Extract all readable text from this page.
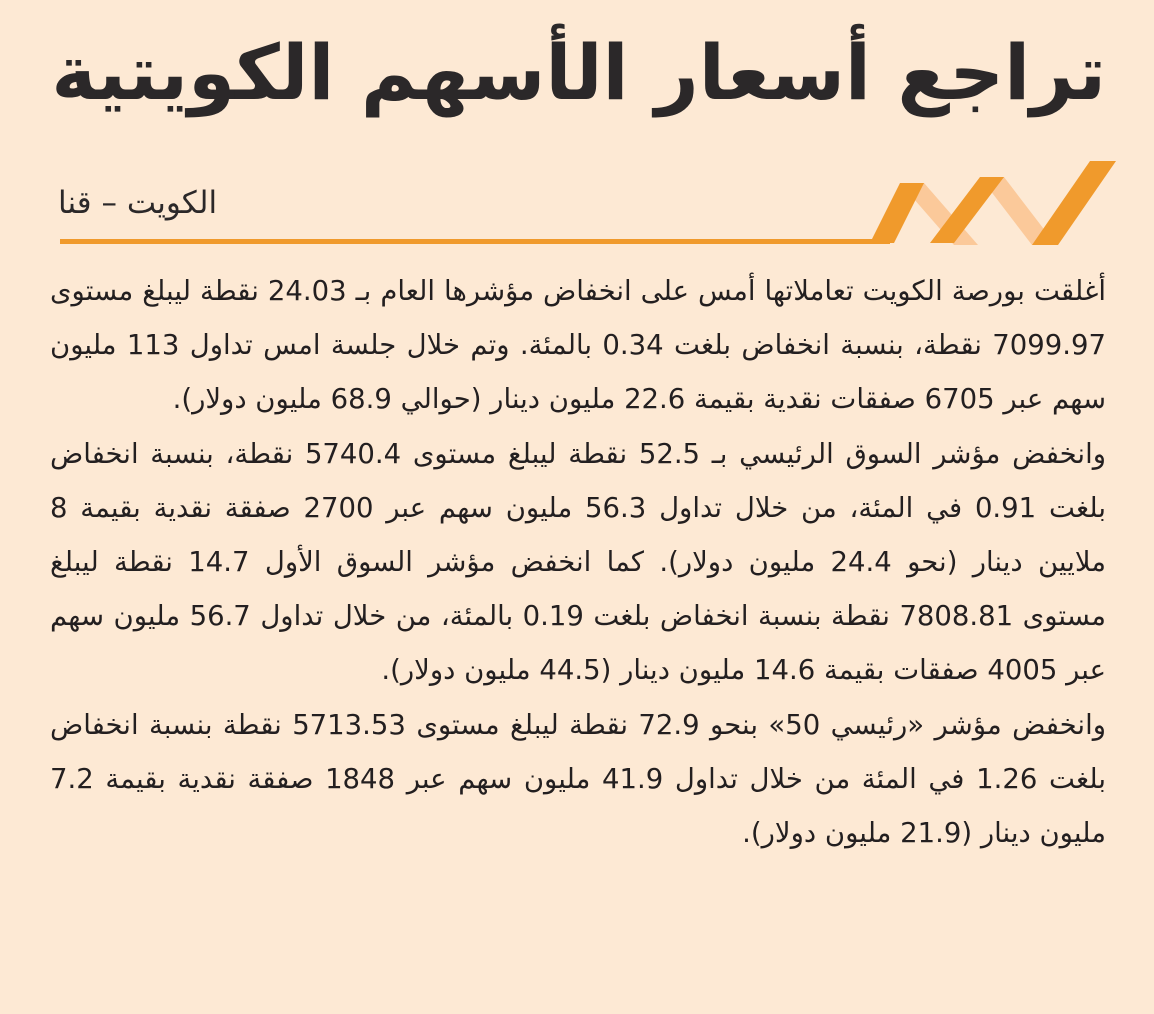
تراجع أسعار الأسهم الكويتية
الكويت – قنا

أغلقت بورصة الكويت تعاملاتها أمس على انخفاض مؤشرها العام بـ 24.03 نقطة ليبلغ مستوى 7099.97 نقطة، بنسبة انخفاض بلغت 0.34 بالمئة. وتم خلال جلسة امس تداول 113 مليون سهم عبر 6705 صفقات نقدية بقيمة 22.6 مليون دينار (حوالي 68.9 مليون دولار).

وانخفض مؤشر السوق الرئيسي بـ 52.5 نقطة ليبلغ مستوى 5740.4 نقطة، بنسبة انخفاض بلغت 0.91 في المئة، من خلال تداول 56.3 مليون سهم عبر 2700 صفقة نقدية بقيمة 8 ملايين دينار (نحو 24.4 مليون دولار). كما انخفض مؤشر السوق الأول 14.7 نقطة ليبلغ مستوى 7808.81 نقطة بنسبة انخفاض بلغت 0.19 بالمئة، من خلال تداول 56.7 مليون سهم عبر 4005 صفقات بقيمة 14.6 مليون دينار (44.5 مليون دولار).

وانخفض مؤشر «رئيسي 50» بنحو 72.9 نقطة ليبلغ مستوى 5713.53 نقطة بنسبة انخفاض بلغت 1.26 في المئة من خلال تداول 41.9 مليون سهم عبر 1848 صفقة نقدية بقيمة 7.2 مليون دينار (21.9 مليون دولار).
